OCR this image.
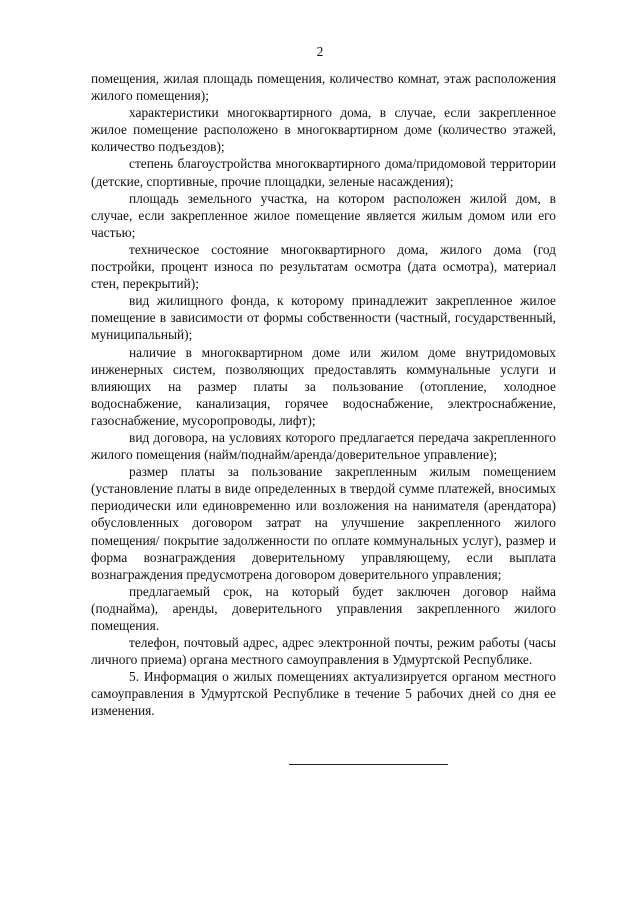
2

помещения, жилая площадь помещения, количество комнат, этаж расположения жилого помещения);

характеристики многоквартирного дома, в случае, если закрепленное жилое помещение расположено в многоквартирном доме (количество этажей, количество подъездов);

степень благоустройства многоквартирного дома/придомовой территории (детские, спортивные, прочие площадки, зеленые насаждения);

площадь земельного участка, на котором расположен жилой дом, в случае, если закрепленное жилое помещение является жилым домом или его частью;

техническое состояние многоквартирного дома, жилого дома (год постройки, процент износа по результатам осмотра (дата осмотра), материал стен, перекрытий);

вид жилищного фонда, к которому принадлежит закрепленное жилое помещение в зависимости от формы собственности (частный, государственный, муниципальный);

наличие в многоквартирном доме или жилом доме внутридомовых инженерных систем, позволяющих предоставлять коммунальные услуги и влияющих на размер платы за пользование (отопление, холодное водоснабжение, канализация, горячее водоснабжение, электроснабжение, газоснабжение, мусоропроводы, лифт);

вид договора, на условиях которого предлагается передача закрепленного жилого помещения (найм/поднайм/аренда/доверительное управление);

размер платы за пользование закрепленным жилым помещением (установление платы в виде определенных в твердой сумме платежей, вносимых периодически или единовременно или возложения на нанимателя (арендатора) обусловленных договором затрат на улучшение закрепленного жилого помещения/ покрытие задолженности по оплате коммунальных услуг), размер и форма вознаграждения доверительному управляющему, если выплата вознаграждения предусмотрена договором доверительного управления;

предлагаемый срок, на который будет заключен договор найма (поднайма), аренды, доверительного управления закрепленного жилого помещения.

телефон, почтовый адрес, адрес электронной почты, режим работы (часы личного приема) органа местного самоуправления в Удмуртской Республике.

5. Информация о жилых помещениях актуализируется органом местного самоуправления в Удмуртской Республике в течение 5 рабочих дней со дня ее изменения.
